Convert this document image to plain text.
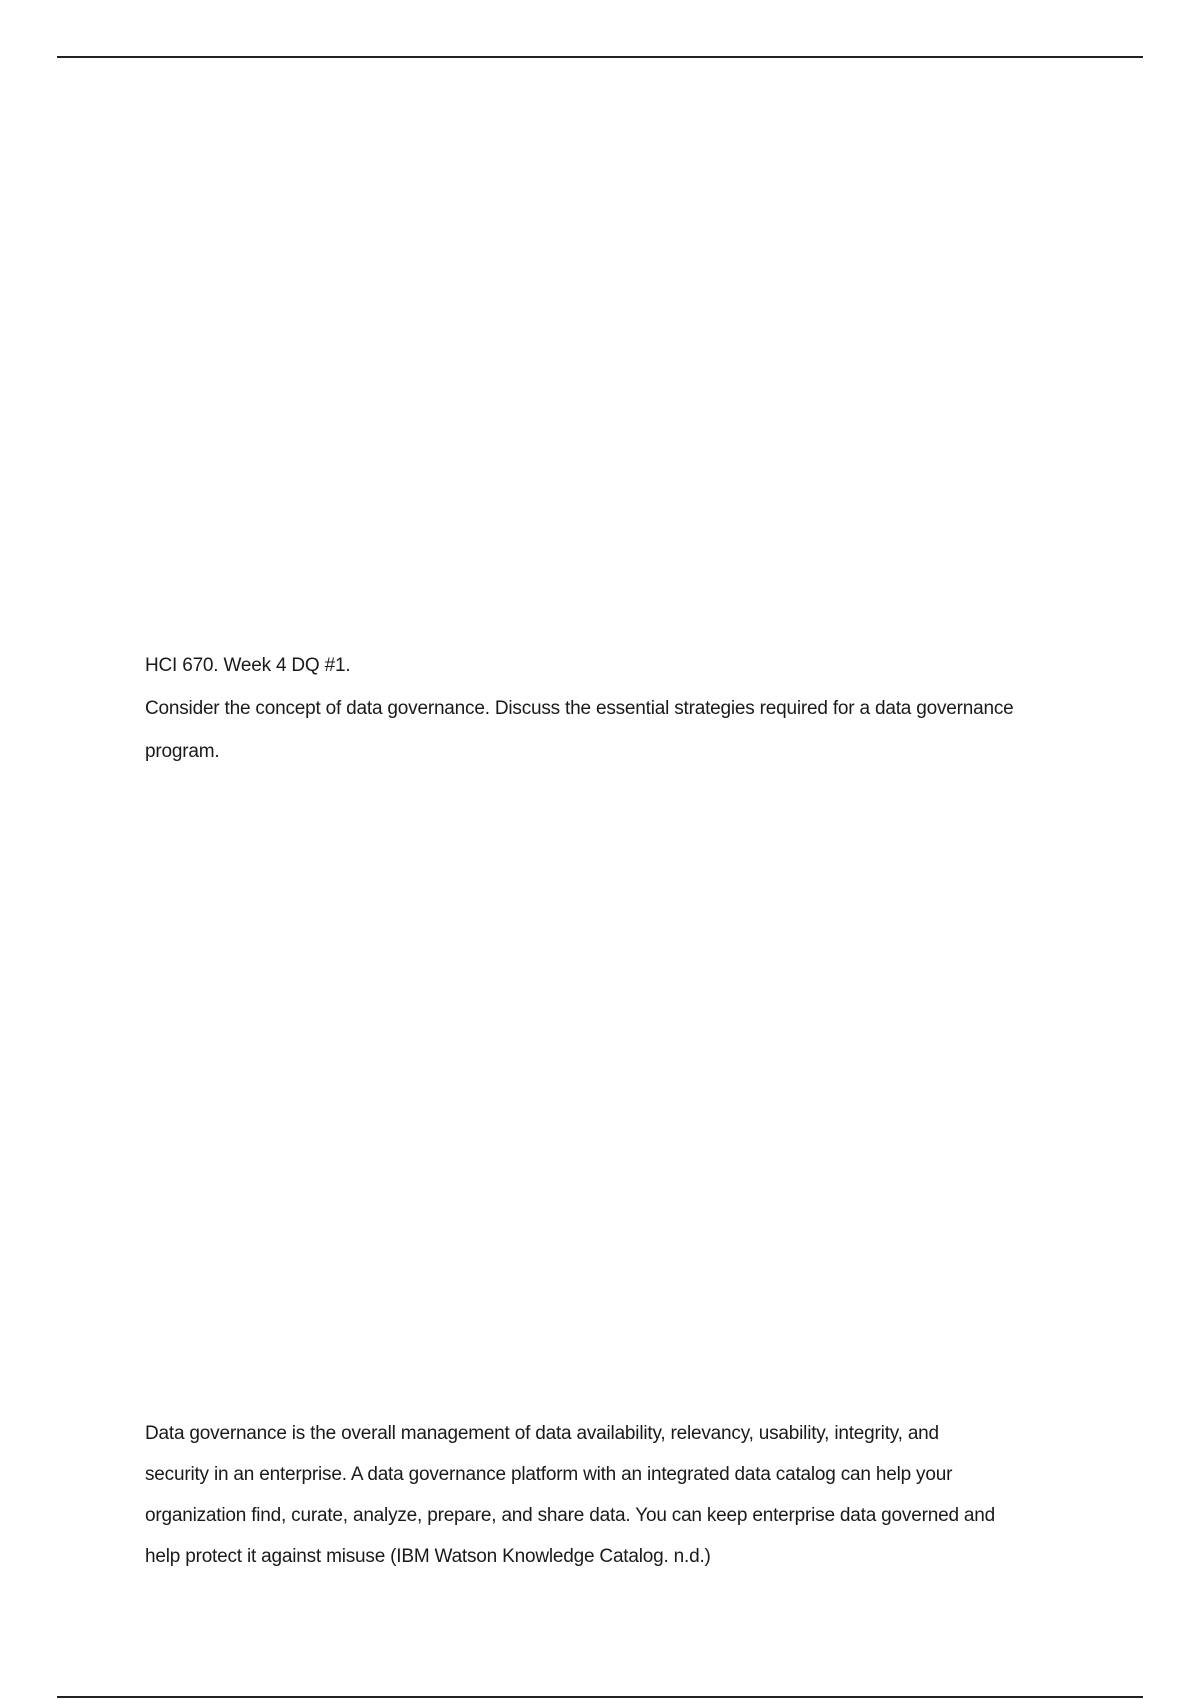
HCI 670. Week 4 DQ #1.
Consider the concept of data governance. Discuss the essential strategies required for a data governance
program.
Data governance is the overall management of data availability, relevancy, usability, integrity, and
security in an enterprise. A data governance platform with an integrated data catalog can help your
organization find, curate, analyze, prepare, and share data. You can keep enterprise data governed and
help protect it against misuse (IBM Watson Knowledge Catalog. n.d.)
